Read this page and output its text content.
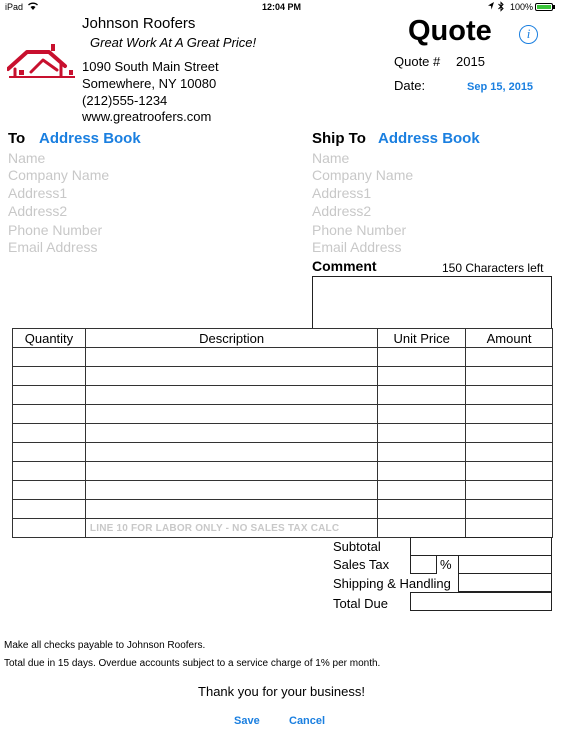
iPad	12:04 PM	100%
Johnson Roofers
Great Work At A Great Price!
1090 South Main Street
Somewhere, NY 10080
(212)555-1234
www.greatroofers.com
Quote	i
Quote # 2015
Date:	Sep 15, 2015
To Address Book
Name
Company Name
Address1
Address2
Phone Number
Email Address
Ship To Address Book
Name
Company Name
Address1
Address2
Phone Number
Email Address
Comment	150 Characters left
Quantity	Description	Unit Price	Amount

	LINE 10 FOR LABOR ONLY - NO SALES TAX CALC		
Subtotal
Sales Tax	%
Shipping & Handling
Total Due
Make all checks payable to Johnson Roofers.
Total due in 15 days. Overdue accounts subject to a service charge of 1% per month.
Thank you for your business!
Save	Cancel
